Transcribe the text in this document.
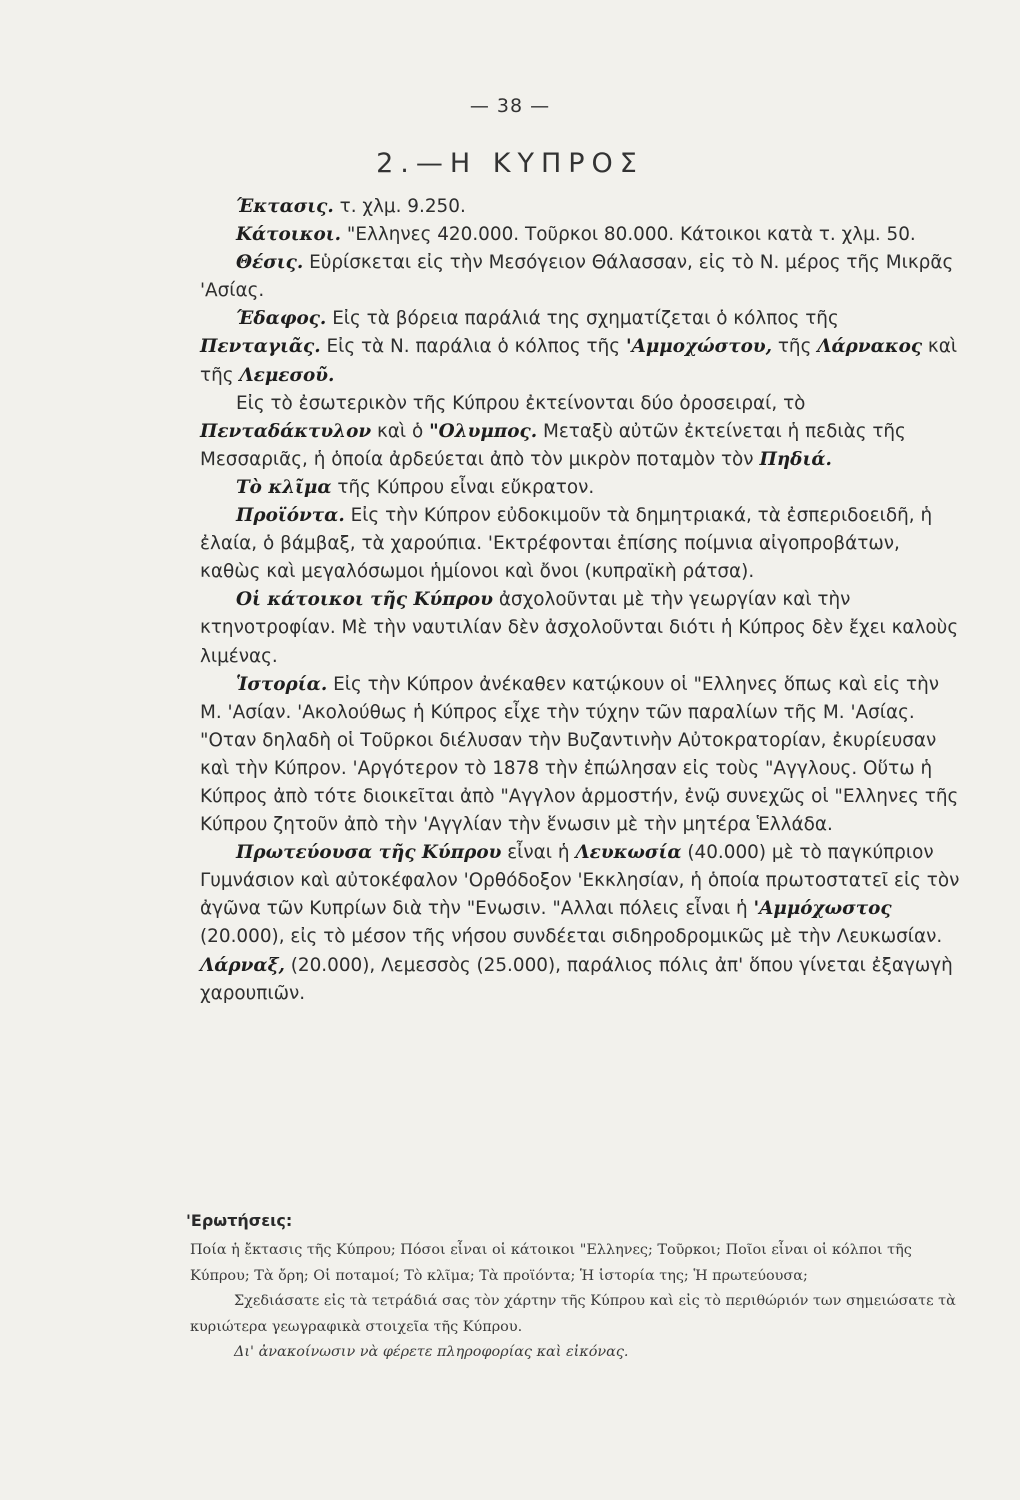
— 38 —
2.—Η ΚΥΠΡΟΣ

Έκτασις. τ. χλμ. 9.250.

Κάτοικοι. "Ελληνες 420.000. Τοῦρκοι 80.000. Κάτοικοι κατὰ τ. χλμ. 50.

Θέσις. Εὑρίσκεται εἰς τὴν Μεσόγειον Θάλασσαν, εἰς τὸ Ν. μέρος τῆς Μικρᾶς 'Ασίας.

Έδαφος. Εἰς τὰ βόρεια παράλιά της σχηματίζεται ὁ κόλπος τῆς Πενταγιᾶς. Εἰς τὰ Ν. παράλια ὁ κόλπος τῆς 'Αμμοχώστου, τῆς Λάρνακος καὶ τῆς Λεμεσοῦ.

Εἰς τὸ ἐσωτερικὸν τῆς Κύπρου ἐκτείνονται δύο ὀροσειραί, τὸ Πενταδάκτυλον καὶ ὁ "Ολυμπος. Μεταξὺ αὐτῶν ἐκτείνεται ἡ πεδιὰς τῆς Μεσσαριᾶς, ἡ ὁποία ἀρδεύεται ἀπὸ τὸν μικρὸν ποταμὸν τὸν Πηδιά.

Τὸ κλῖμα τῆς Κύπρου εἶναι εὔκρατον.

Προϊόντα. Εἰς τὴν Κύπρον εὐδοκιμοῦν τὰ δημητριακά, τὰ ἐσπεριδοειδῆ, ἡ ἐλαία, ὁ βάμβαξ, τὰ χαρούπια. 'Εκτρέφονται ἐπίσης ποίμνια αἰγοπροβάτων, καθὼς καὶ μεγαλόσωμοι ἡμίονοι καὶ ὄνοι (κυπραϊκὴ ράτσα).

Οἱ κάτοικοι τῆς Κύπρου ἀσχολοῦνται μὲ τὴν γεωργίαν καὶ τὴν κτηνοτροφίαν. Μὲ τὴν ναυτιλίαν δὲν ἀσχολοῦνται διότι ἡ Κύπρος δὲν ἔχει καλοὺς λιμένας.

Ἱστορία. Εἰς τὴν Κύπρον ἀνέκαθεν κατῴκουν οἱ "Ελληνες ὅπως καὶ εἰς τὴν Μ. 'Ασίαν. 'Ακολούθως ἡ Κύπρος εἶχε τὴν τύχην τῶν παραλίων τῆς Μ. 'Ασίας. "Οταν δηλαδὴ οἱ Τοῦρκοι διέλυσαν τὴν Βυζαντινὴν Αὐτοκρατορίαν, ἐκυρίευσαν καὶ τὴν Κύπρον. 'Αργότερον τὸ 1878 τὴν ἐπώλησαν εἰς τοὺς "Αγγλους. Οὕτω ἡ Κύπρος ἀπὸ τότε διοικεῖται ἀπὸ "Αγγλον ἁρμοστήν, ἐνῷ συνεχῶς οἱ "Ελληνες τῆς Κύπρου ζητοῦν ἀπὸ τὴν 'Αγγλίαν τὴν ἕνωσιν μὲ τὴν μητέρα Ἑλλάδα.

Πρωτεύουσα τῆς Κύπρου εἶναι ἡ Λευκωσία (40.000) μὲ τὸ παγκύπριον Γυμνάσιον καὶ αὐτοκέφαλον 'Ορθόδοξον 'Εκκλησίαν, ἡ ὁποία πρωτοστατεῖ εἰς τὸν ἀγῶνα τῶν Κυπρίων διὰ τὴν "Ενωσιν. "Αλλαι πόλεις εἶναι ἡ 'Αμμόχωστος (20.000), εἰς τὸ μέσον τῆς νήσου συνδέεται σιδηροδρομικῶς μὲ τὴν Λευκωσίαν. Λάρναξ, (20.000), Λεμεσσὸς (25.000), παράλιος πόλις ἀπ' ὅπου γίνεται ἐξαγωγὴ χαρουπιῶν.

'Ερωτήσεις:

Ποία ἡ ἔκτασις τῆς Κύπρου; Πόσοι εἶναι οἱ κάτοικοι "Ελληνες; Τοῦρκοι; Ποῖοι εἶναι οἱ κόλποι τῆς Κύπρου; Τὰ ὄρη; Οἱ ποταμοί; Τὸ κλῖμα; Τὰ προϊόντα; Ἡ ἱστορία της; Ἡ πρωτεύουσα;

Σχεδιάσατε εἰς τὰ τετράδιά σας τὸν χάρτην τῆς Κύπρου καὶ εἰς τὸ περιθώριόν των σημειώσατε τὰ κυριώτερα γεωγραφικὰ στοιχεῖα τῆς Κύπρου.

Δι' ἀνακοίνωσιν νὰ φέρετε πληροφορίας καὶ εἰκόνας.
